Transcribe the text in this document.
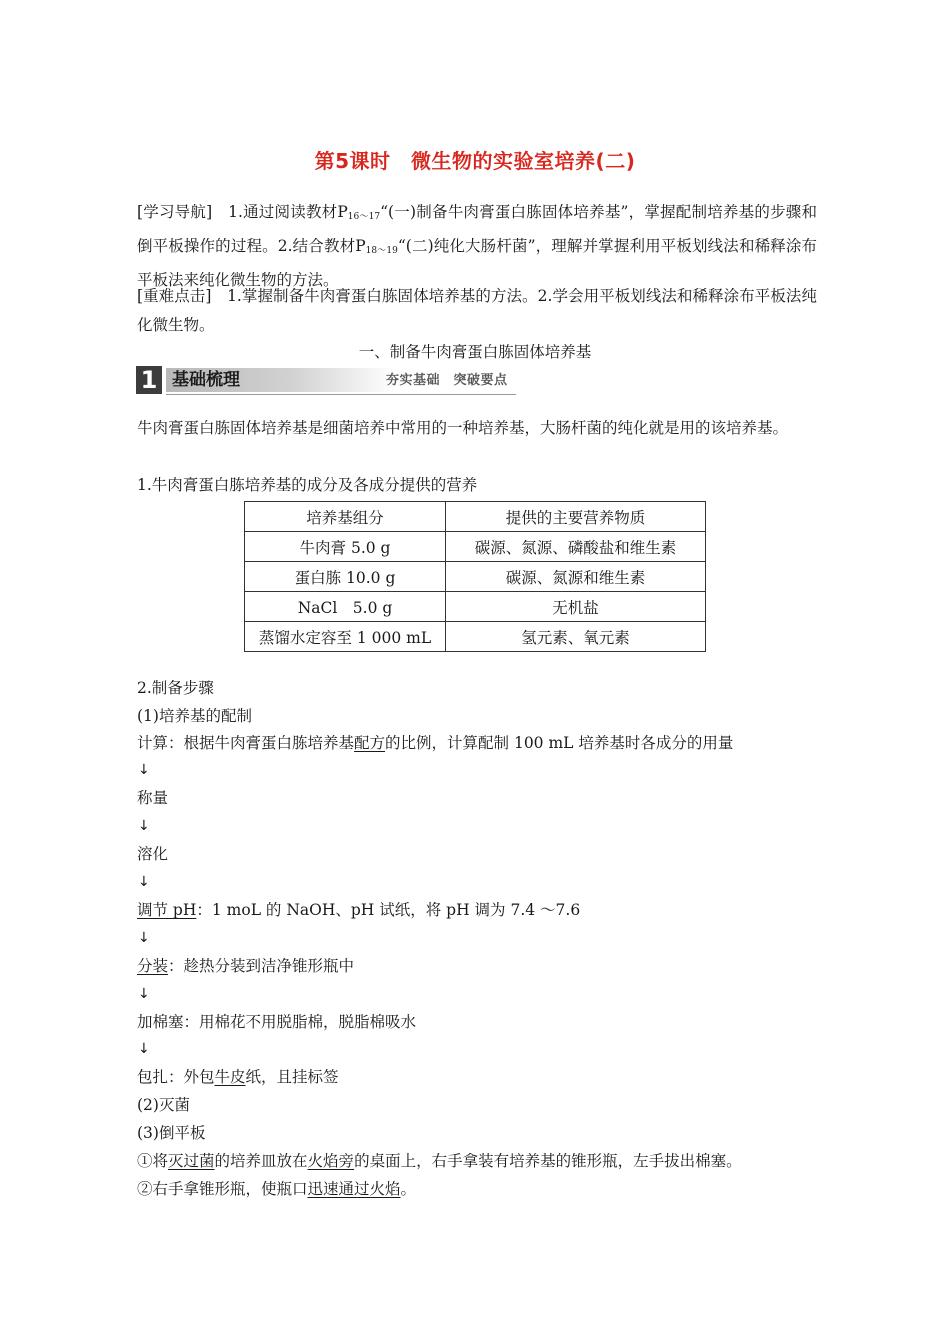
第5课时　微生物的实验室培养(二)
[学习导航]　 1.通过阅读教材$P_{16\sim 17}“$(一)制备牛肉膏蛋白胨固体培养基”，掌握配制培养基的步骤和倒平板操作的过程。2.结合教材$P_{18\sim 19}“$(二)纯化大肠杆菌”，理解并掌握利用平板划线法和稀释涂布平板法来纯化微生物的方法。
[重难点击]　 1.掌握制备牛肉膏蛋白胨固体培养基的方法。2.学会用平板划线法和稀释涂布平板法纯化微生物。
一、制备牛肉膏蛋白胨固体培养基
1 基础梳理	夯实基础　突破要点
牛肉膏蛋白胨固体培养基是细菌培养中常用的一种培养基，大肠杆菌的纯化就是用的该培养基。
1.牛肉膏蛋白胨培养基的成分及各成分提供的营养
培养基组分	提供的主要营养物质
牛肉膏 5.0 g	碳源、氮源、磷酸盐和维生素
蛋白胨 10.0 g	碳源、氮源和维生素
NaCl　5.0 g	无机盐
蒸馏水定容至 1 000 mL	氢元素、氧元素
2.制备步骤
(1)培养基的配制
计算：根据牛肉膏蛋白胨培养基配方的比例，计算配制 100 mL 培养基时各成分的用量
↓
称量
↓
溶化
↓
调节 pH：1 moL 的 NaOH、pH 试纸，将 pH 调为 7.4 ～7.6
↓
分装：趁热分装到洁净锥形瓶中
↓
加棉塞：用棉花不用脱脂棉，脱脂棉吸水
↓
包扎：外包牛皮纸，且挂标签
(2)灭菌
(3)倒平板
①将灭过菌的培养皿放在火焰旁的桌面上，右手拿装有培养基的锥形瓶，左手拔出棉塞。
②右手拿锥形瓶，使瓶口迅速通过火焰。
